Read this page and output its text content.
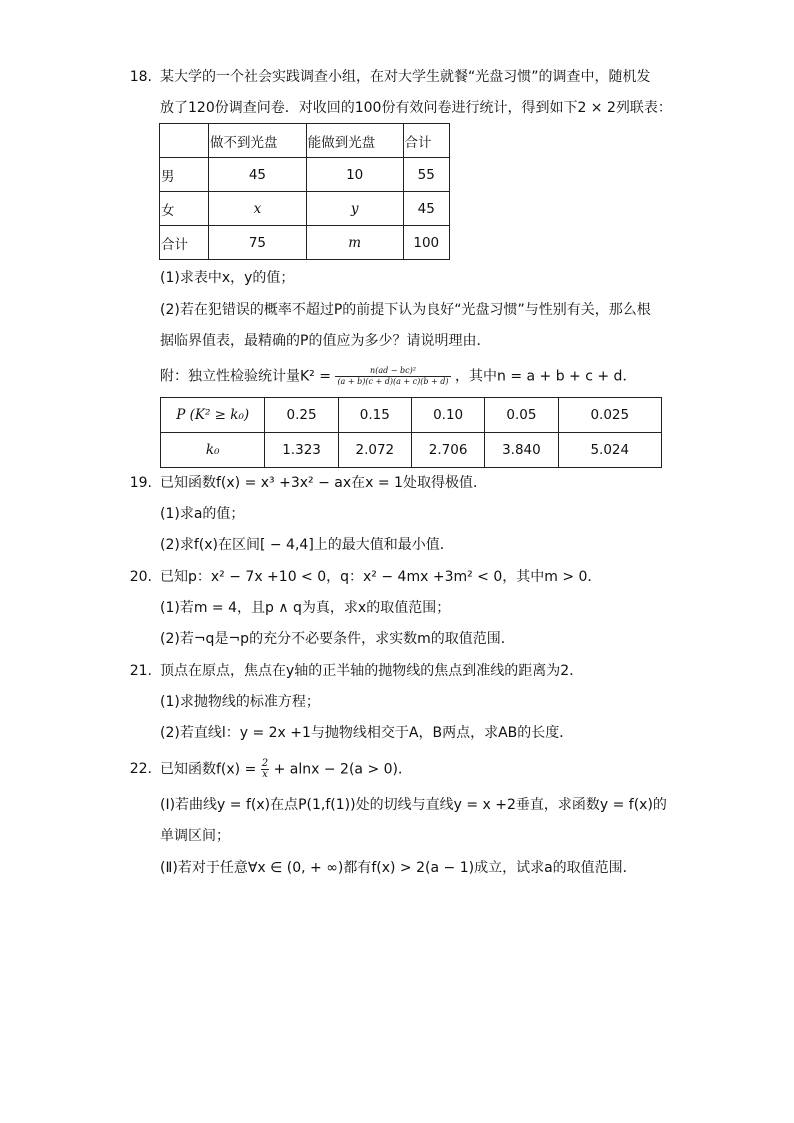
18. 某大学的一个社会实践调查小组，在对大学生就餐“光盘习惯”的调查中，随机发
放了120份调查问卷．对收回的100份有效问卷进行统计，得到如下2 × 2列联表：
	做不到光盘	能做到光盘	合计
男	45	10	55
女	x	y	45
合计	75	m	100
(1)求表中x，y的值；
(2)若在犯错误的概率不超过P的前提下认为良好“光盘习惯”与性别有关，那么根
据临界值表，最精确的P的值应为多少？请说明理由．
附：独立性检验统计量$K^2 = \frac{\text{n(ad − bc)²}}{(a + b)(c + d)(a + c)(b + d)}$ ，其中n = a + b + c + d．
P (K² ≥ k₀)	0.25	0.15	0.10	0.05	0.025
k₀	1.323	2.072	2.706	3.840	5.024
19. 已知函数f(x) = x³ +3x² − ax在x = 1处取得极值．
(1)求a的值；
(2)求f(x)在区间[ − 4,4]上的最大值和最小值．
20. 已知p：x² − 7x +10 < 0，q：x² − 4mx +3m² < 0，其中m > 0．
(1)若m = 4，且p ∧ q为真，求x的取值范围；
(2)若¬q是¬p的充分不必要条件，求实数m的取值范围．
21. 顶点在原点，焦点在y轴的正半轴的抛物线的焦点到准线的距离为2．
(1)求抛物线的标准方程；
(2)若直线l：y = 2x +1与抛物线相交于A，B两点，求AB的长度．
22. 已知函数$f(x) = \frac{2}{x} + alnx - 2(a > 0)$．
(Ⅰ)若曲线y = f(x)在点P(1,f(1))处的切线与直线y = x +2垂直，求函数y = f(x)的
单调区间；
(Ⅱ)若对于任意∀x ∈ (0, + ∞)都有f(x) > 2(a − 1)成立，试求a的取值范围．
